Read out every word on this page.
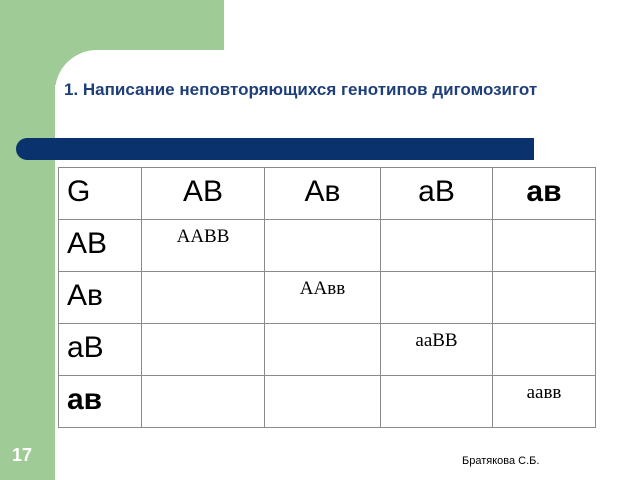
1. Написание неповторяющихся генотипов дигомозигот
G	АВ	Ав	аВ	ав

АВ	ААВВ			

Ав		ААвв		

аВ			ааВВ	

ав				аавв
17	Братякова С.Б.
